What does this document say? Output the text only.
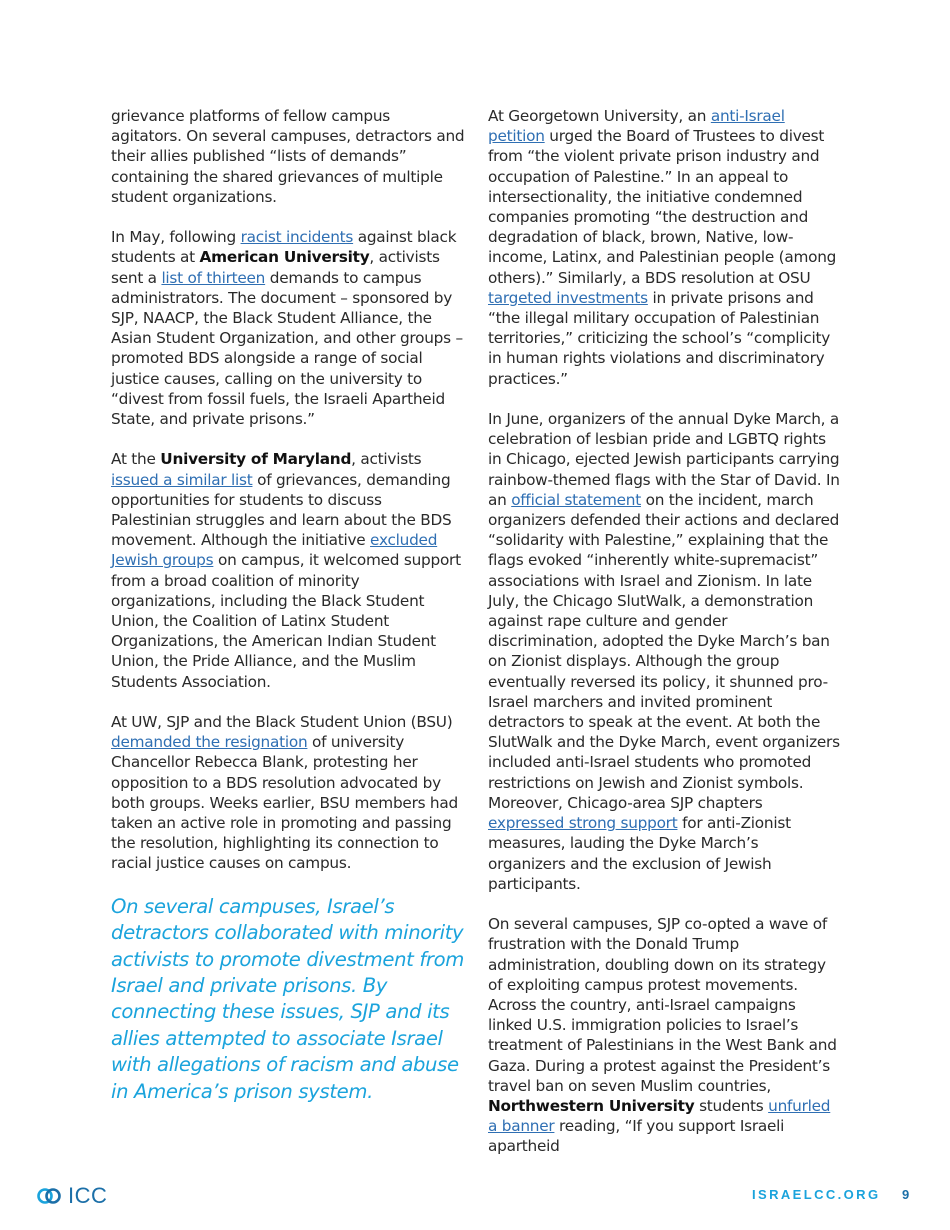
grievance platforms of fellow campus agitators. On several campuses, detractors and their allies published “lists of demands” containing the shared grievances of multiple student organizations.

In May, following racist incidents against black students at American University, activists sent a list of thirteen demands to campus administrators. The document – sponsored by SJP, NAACP, the Black Student Alliance, the Asian Student Organization, and other groups – promoted BDS alongside a range of social justice causes, calling on the university to “divest from fossil fuels, the Israeli Apartheid State, and private prisons.”

At the University of Maryland, activists issued a similar list of grievances, demanding opportunities for students to discuss Palestinian struggles and learn about the BDS movement. Although the initiative excluded Jewish groups on campus, it welcomed support from a broad coalition of minority organizations, including the Black Student Union, the Coalition of Latinx Student Organizations, the American Indian Student Union, the Pride Alliance, and the Muslim Students Association.

At UW, SJP and the Black Student Union (BSU) demanded the resignation of university Chancellor Rebecca Blank, protesting her opposition to a BDS resolution advocated by both groups. Weeks earlier, BSU members had taken an active role in promoting and passing the resolution, highlighting its connection to racial justice causes on campus.

On several campuses, Israel’s detractors collaborated with minority activists to promote divestment from Israel and private prisons. By connecting these issues, SJP and its allies attempted to associate Israel with allegations of racism and abuse in America’s prison system.

At Georgetown University, an anti-Israel petition urged the Board of Trustees to divest from “the violent private prison industry and occupation of Palestine.” In an appeal to intersectionality, the initiative condemned companies promoting “the destruction and degradation of black, brown, Native, low-income, Latinx, and Palestinian people (among others).” Similarly, a BDS resolution at OSU targeted investments in private prisons and “the illegal military occupation of Palestinian territories,” criticizing the school’s “complicity in human rights violations and discriminatory practices.”

In June, organizers of the annual Dyke March, a celebration of lesbian pride and LGBTQ rights in Chicago, ejected Jewish participants carrying rainbow-themed flags with the Star of David. In an official statement on the incident, march organizers defended their actions and declared “solidarity with Palestine,” explaining that the flags evoked “inherently white-supremacist” associations with Israel and Zionism. In late July, the Chicago SlutWalk, a demonstration against rape culture and gender discrimination, adopted the Dyke March’s ban on Zionist displays. Although the group eventually reversed its policy, it shunned pro-Israel marchers and invited prominent detractors to speak at the event. At both the SlutWalk and the Dyke March, event organizers included anti-Israel students who promoted restrictions on Jewish and Zionist symbols. Moreover, Chicago-area SJP chapters expressed strong support for anti-Zionist measures, lauding the Dyke March’s organizers and the exclusion of Jewish participants.

On several campuses, SJP co-opted a wave of frustration with the Donald Trump administration, doubling down on its strategy of exploiting campus protest movements. Across the country, anti-Israel campaigns linked U.S. immigration policies to Israel’s treatment of Palestinians in the West Bank and Gaza. During a protest against the President’s travel ban on seven Muslim countries, Northwestern University students unfurled a banner reading, “If you support Israeli apartheid

ICC	ISRAELCC.ORG 9
